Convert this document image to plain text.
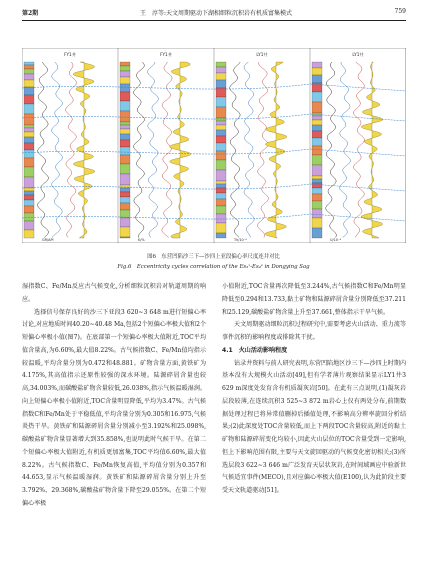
第2期	王　淳等:天文周期驱动下湖相细粒沉积岩有机质富集模式	759
FY1井	FY1井	LY1井	LY1井
GR/API	K/%	Th/10⁻⁶	U/10⁻⁶
图6　东营凹陷沙三下—沙四上亚段偏心率尺度连井对比
Fig.6　Eccentricity cycles correlation of the Es₃ˣ-Es₄ˢ in Dongying Sag

湿指数C、Fe/Mn反应古气候变化,分析细粒沉积岩对轨道周期的响应。

选择信号保存良好的沙三下亚段3 620~3 648 m进行短偏心率讨论,对应地质时间40.20~40.48 Ma,包括2个短偏心率极大值和2个短偏心率极小值(图7)。在底部第一个短偏心率极大值附近,TOC平均值含量高,为6.60%,最大值8.22%。古气候指数C、Fe/Mn值均指示较温暖,平均含量分别为0.472和48.881。矿物含量方面,黄铁矿为4.175%,其高值指示还原性较强的深水环境。陆源碎屑含量也较高,34.003%,而碳酸盐矿物含量较低,26.038%,指示气候温暖湿润。向上短偏心率极小值附近,TOC含量明显降低,平均为3.47%。古气候指数C和Fe/Mn处于平稳低值,平均含量分别为0.305和16.975,气候炎热干旱。黄铁矿和陆源碎屑含量分别减小至3.192%和25.098%,碳酸盐矿物含量显著增大到35.858%,也说明此时气候干旱。在第二个短偏心率极大值附近,有机质更加富集,TOC平均值6.60%,最大值8.22%。古气候指数C、Fe/Mn恢复高值,平均值分别为0.357和44.653,显示气候温暖湿润。黄铁矿和陆源碎屑含量分别上升至3.792%、29.368%,碳酸盐矿物含量下降至29.055%。在第二个短偏心率极

小值附近,TOC含量再次降低至3.244%,古气候指数C和Fe/Mn明显降低至0.294和13.733,黏土矿物和陆源碎屑含量分别降低至37.211和25.129,碳酸盐矿物含量上升至37.661,整体指示干旱气候。

天文周期驱动细粒沉积过程研究中,需要考虑火山活动、重力流等事件沉积的影响程度或排除其干扰。

4.1　火山活动影响程度

钻录井资料与前人研究表明,东营凹陷地区沙三下—沙四上时期内基本没有大规模火山活动[49],但有学者薄片观察结果显示LY1井3 629 m深度处发育含有机质凝灰岩[50]。在此有三点说明,(1)凝灰岩层段较薄,在连续沉积3 525~3 872 m岩心上仅有两处分布,前期数据处理过程已将异常值删掉后插值处理,不影响高分辨率旋回分析结果;(2)此深度处TOC含量较低,而上下两段TOC含量较高,附近的黏土矿物和陆源碎屑变化均较小,因此火山层位的TOC含量受到一定影响,但上下影响范围有限,主要与天文旋回驱动的气候变化密切相关;(3)所选层段3 622~3 646 m广泛发育天层状灰岩,在时间域画应中验新世气候适宜事件(MECO),且对应偏心率极大值(E100),认为此阶段主要受天文轨道驱动[51]。
